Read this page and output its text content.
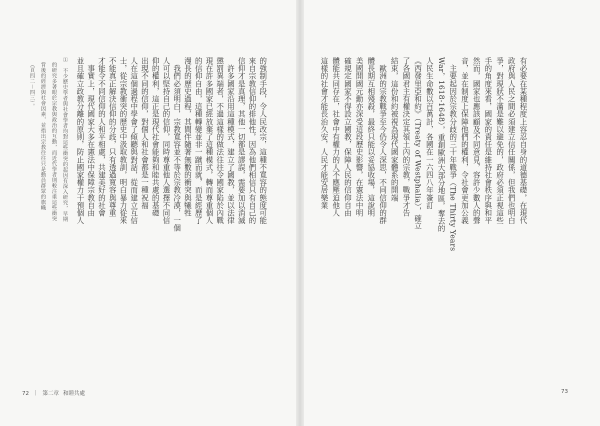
①　不少歷史學者與社會學者均對這些衝突的起因有深入研究，早期
的研究多著眼於宗教與政治的互動，而近代學者則較注重這些衝突
背後的經濟與社會因素，並指出宗教往往只是動員群眾的旗幟
（頁四二－四三）。	的強制手段，令人民改宗，這種不寬容的態度可能
來自宗教信仰的排他性，因為他們相信只有自己的
信仰才是真理，其他一切都是謬誤，需要加以消滅
　許多國家沿用這種模式，建立了國教，並以法律
懲罰異端者，不過這樣的做法往往令國家陷於內戰
現在許多國家已經放棄了這種模式，轉而尊重個人
的信仰自由，這種轉變並非一蹴而就，而是經歷了
漫長的歷史過程，其間伴隨著無數的衝突與犧牲
　我們必須明白，宗教寬容並不等於宗教冷漠，一個
人可以堅持自己的信仰，同時尊重他人選擇不同信
仰的權利，這正是現代社會能夠和睦共處的基礎
出現不同的信仰，對個人和社會都是一種祝福
人在這個過程中學會了傾聽與對話，從而建立互信
士，從宗教衝突的歷史中汲取教訓，明白暴力從來
不能真正解決信仰的分歧，只有透過寬容與尊重
才能令不同信仰的人和平相處，共建美好的社會
　事實上，現代國家大多在憲法中保障宗教自由
並且確立政教分離的原則，防止國家權力干預個人
72 ｜ 第二章 和睦共處
有必要在某種程度上容忍自身的道德基礎，在現代
政府與人民之間必須建立信任關係，但我們也明白
爭，對現狀不滿是難以避免的，政府必須正視這些
手的角度來看，國家的責任是維持社會秩序與和平
然而，國家也應該顧及不同意見，容許少數人的聲
音，並在制度上保障他們的權利，令社會更加公義
　主要起因於宗教分歧的三十年戰爭（The Thirty Years
War，1618-1648），重創歐洲大部分地區，奪去的
人民生命數以百萬計，各國在一六四八年簽訂
《西發里亞和約》（Treaty of Westphalia），確立
了各國君主有權決定其領土內的宗教，戰爭才告
結束，這份和約被視為現代國家體系的開端
　歐洲的宗教戰爭至今仍令人深思，不同信仰的群
體長期互相殘殺，最終只能以妥協收場，這說明
美國開國元勳亦深受這段歷史影響，在憲法中明
確規定國家不得設立國教，保障人民的信仰自由
體能共同存在，社會中有權力的人不應壓迫他人
這樣的社會才能長治久安，人民才能安居樂業
73
